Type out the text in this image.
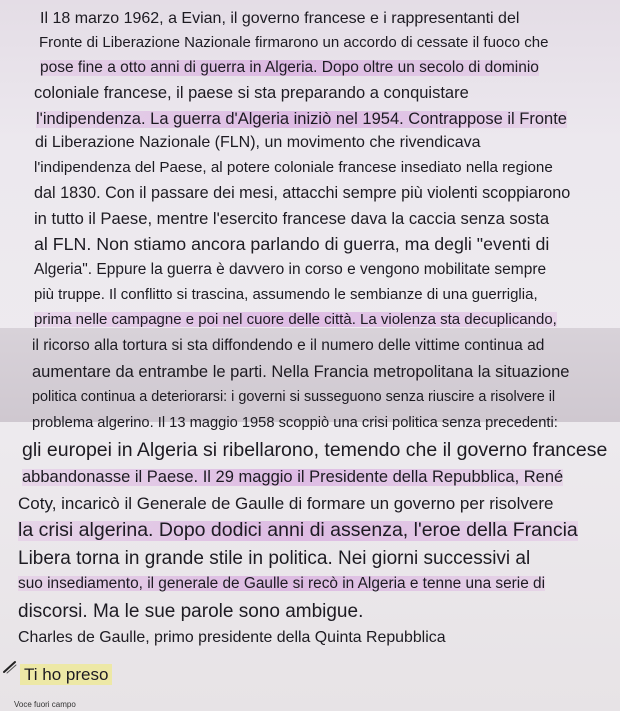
Il 18 marzo 1962, a Evian, il governo francese e i rappresentanti del
Fronte di Liberazione Nazionale firmarono un accordo di cessate il fuoco che
pose fine a otto anni di guerra in Algeria. Dopo oltre un secolo di dominio
coloniale francese, il paese si sta preparando a conquistare
l'indipendenza. La guerra d'Algeria iniziò nel 1954. Contrappose il Fronte
di Liberazione Nazionale (FLN), un movimento che rivendicava
l'indipendenza del Paese, al potere coloniale francese insediato nella regione
dal 1830. Con il passare dei mesi, attacchi sempre più violenti scoppiarono
in tutto il Paese, mentre l'esercito francese dava la caccia senza sosta
al FLN. Non stiamo ancora parlando di guerra, ma degli "eventi di
Algeria". Eppure la guerra è davvero in corso e vengono mobilitate sempre
più truppe. Il conflitto si trascina, assumendo le sembianze di una guerriglia,
prima nelle campagne e poi nel cuore delle città. La violenza sta decuplicando,
il ricorso alla tortura si sta diffondendo e il numero delle vittime continua ad
aumentare da entrambe le parti. Nella Francia metropolitana la situazione
politica continua a deteriorarsi: i governi si susseguono senza riuscire a risolvere il
problema algerino. Il 13 maggio 1958 scoppiò una crisi politica senza precedenti:
gli europei in Algeria si ribellarono, temendo che il governo francese
abbandonasse il Paese. Il 29 maggio il Presidente della Repubblica, René
Coty, incaricò il Generale de Gaulle di formare un governo per risolvere
la crisi algerina. Dopo dodici anni di assenza, l'eroe della Francia
Libera torna in grande stile in politica. Nei giorni successivi al
suo insediamento, il generale de Gaulle si recò in Algeria e tenne una serie di
discorsi. Ma le sue parole sono ambigue.
Charles de Gaulle, primo presidente della Quinta Repubblica
Ti ho preso
Voce fuori campo
